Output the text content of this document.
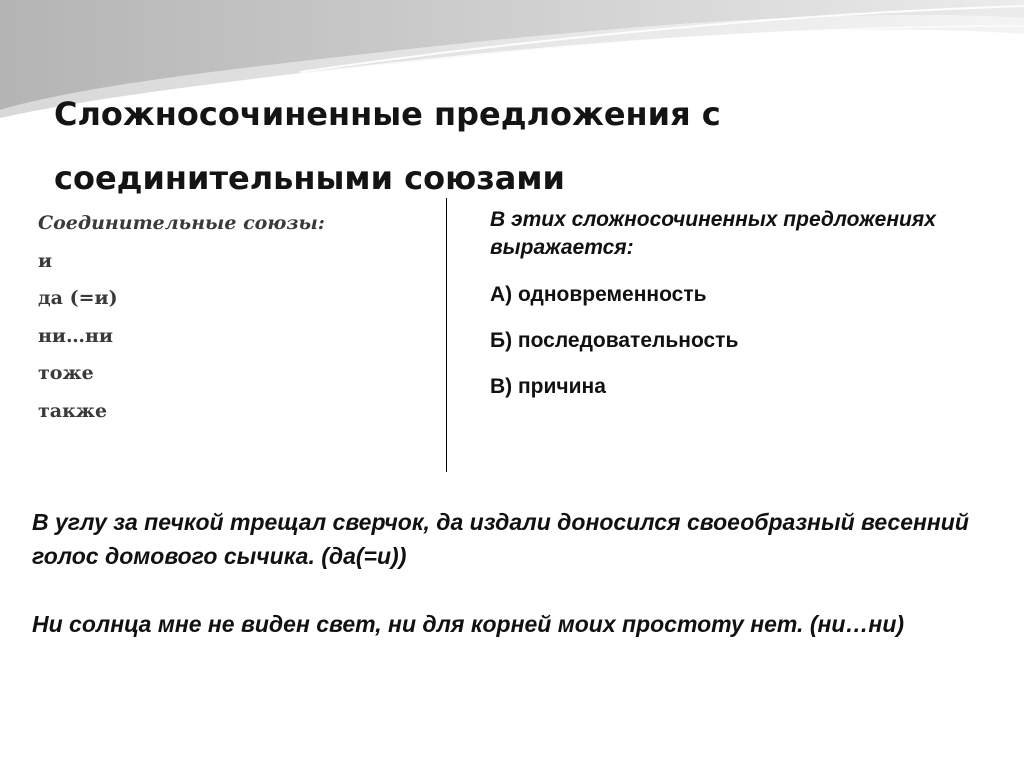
Сложносочиненные предложения с соединительными союзами
Соединительные союзы:
и
да (=и)
ни…ни
тоже
также

В этих сложносочиненных предложениях выражается:

А) одновременность
Б) последовательность
В) причина

В углу за печкой трещал сверчок, да издали доносился своеобразный весенний голос домового сычика. (да(=и))

Ни солнца мне не виден свет, ни для корней моих простоту нет. (ни…ни)
